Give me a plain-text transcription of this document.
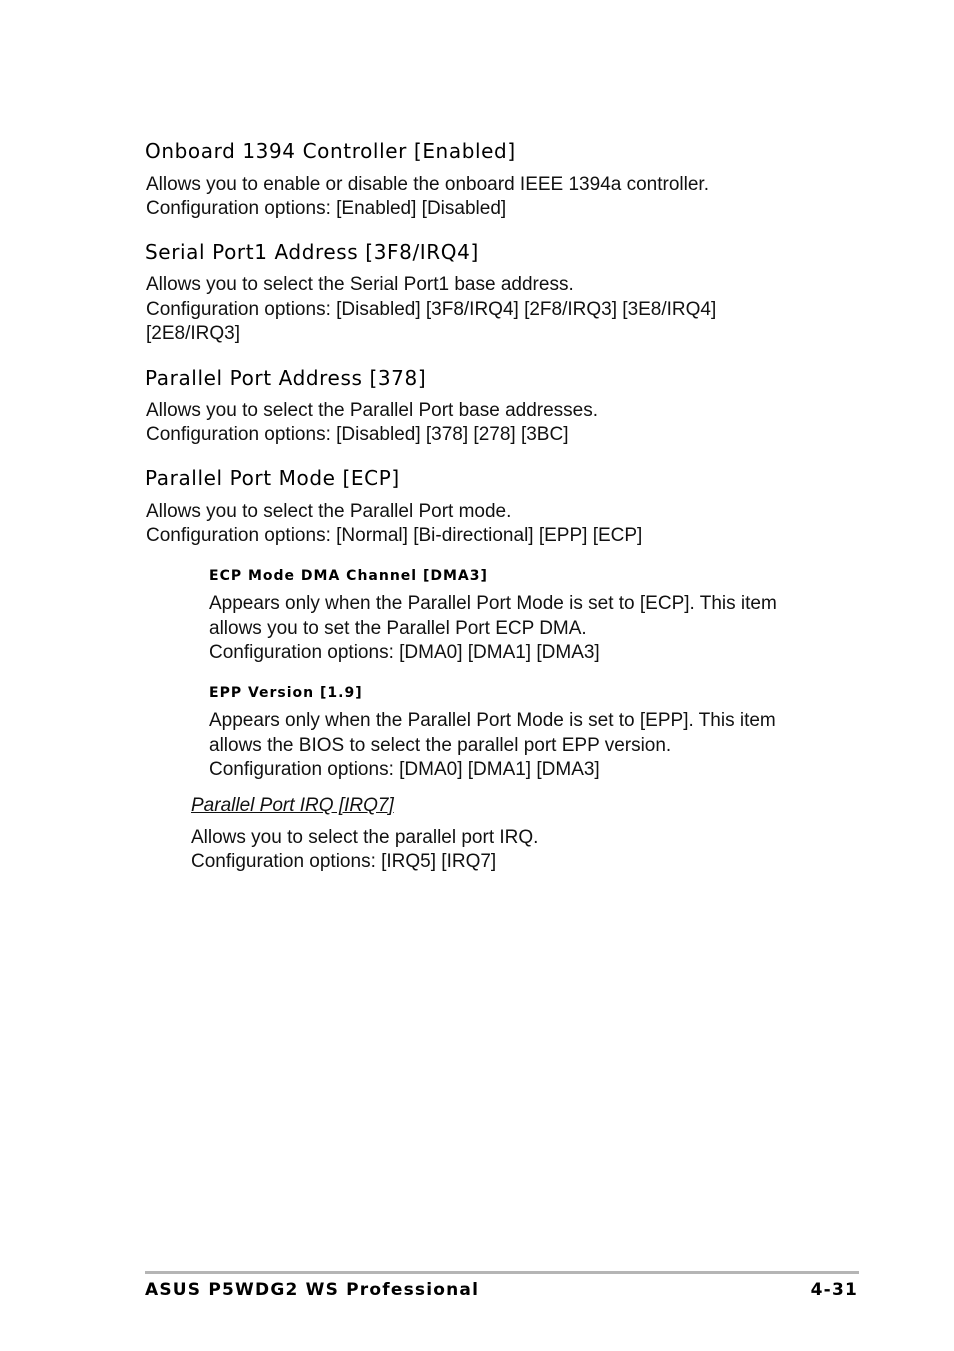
Onboard 1394 Controller [Enabled]
Allows you to enable or disable the onboard IEEE 1394a controller.
Configuration options: [Enabled] [Disabled]
Serial Port1 Address [3F8/IRQ4]
Allows you to select the Serial Port1 base address.
Configuration options: [Disabled] [3F8/IRQ4] [2F8/IRQ3] [3E8/IRQ4]
[2E8/IRQ3]
Parallel Port Address [378]
Allows you to select the Parallel Port base addresses.
Configuration options: [Disabled] [378] [278] [3BC]
Parallel Port Mode [ECP]
Allows you to select the Parallel Port mode.
Configuration options: [Normal] [Bi-directional] [EPP] [ECP]
ECP Mode DMA Channel [DMA3]
Appears only when the Parallel Port Mode is set to [ECP]. This item
allows you to set the Parallel Port ECP DMA.
Configuration options: [DMA0] [DMA1] [DMA3]
EPP Version [1.9]
Appears only when the Parallel Port Mode is set to [EPP]. This item
allows the BIOS to select the parallel port EPP version.
Configuration options: [DMA0] [DMA1] [DMA3]
Parallel Port IRQ [IRQ7]
Allows you to select the parallel port IRQ.
Configuration options: [IRQ5] [IRQ7]
ASUS P5WDG2 WS Professional	4-31
